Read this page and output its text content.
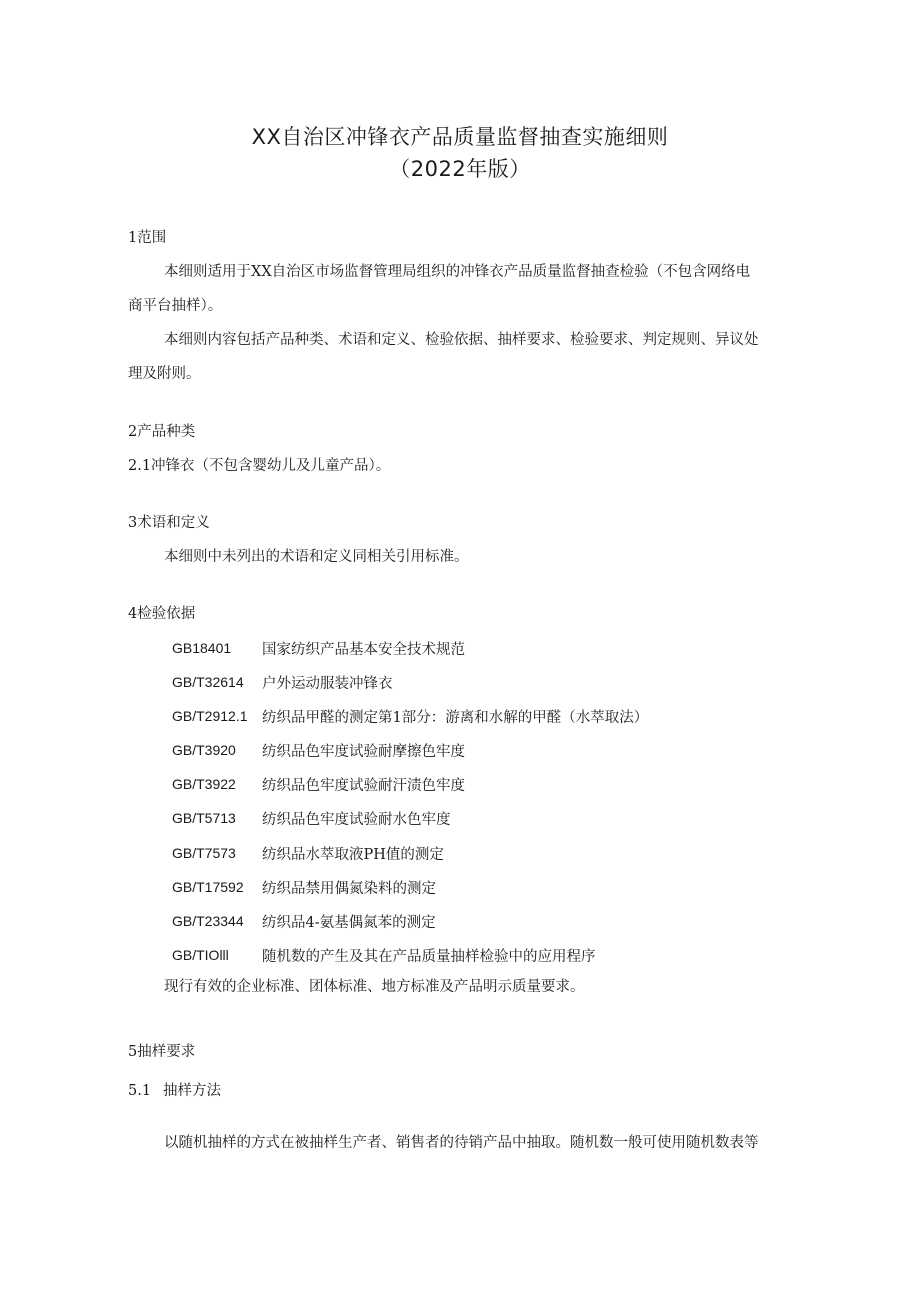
XX自治区冲锋衣产品质量监督抽查实施细则
（2022年版）
1范围
本细则适用于XX自治区市场监督管理局组织的冲锋衣产品质量监督抽查检验（不包含网络电
商平台抽样）。
本细则内容包括产品种类、术语和定义、检验依据、抽样要求、检验要求、判定规则、异议处
理及附则。
2产品种类
2.1冲锋衣（不包含婴幼儿及儿童产品）。
3术语和定义
本细则中未列出的术语和定义同相关引用标准。
4检验依据
GB18401 国家纺织产品基本安全技术规范
GB/T32614 户外运动服装冲锋衣
GB/T2912.1 纺织品甲醛的测定第1部分：游离和水解的甲醛（水萃取法）
GB/T3920 纺织品色牢度试验耐摩擦色牢度
GB/T3922 纺织品色牢度试验耐汗渍色牢度
GB/T5713 纺织品色牢度试验耐水色牢度
GB/T7573 纺织品水萃取液PH值的测定
GB/T17592 纺织品禁用偶氮染料的测定
GB/T23344 纺织品4-氨基偶氮苯的测定
GB/TIOlll 随机数的产生及其在产品质量抽样检验中的应用程序
现行有效的企业标准、团体标准、地方标准及产品明示质量要求。
5抽样要求
5.1 抽样方法
以随机抽样的方式在被抽样生产者、销售者的待销产品中抽取。随机数一般可使用随机数表等
